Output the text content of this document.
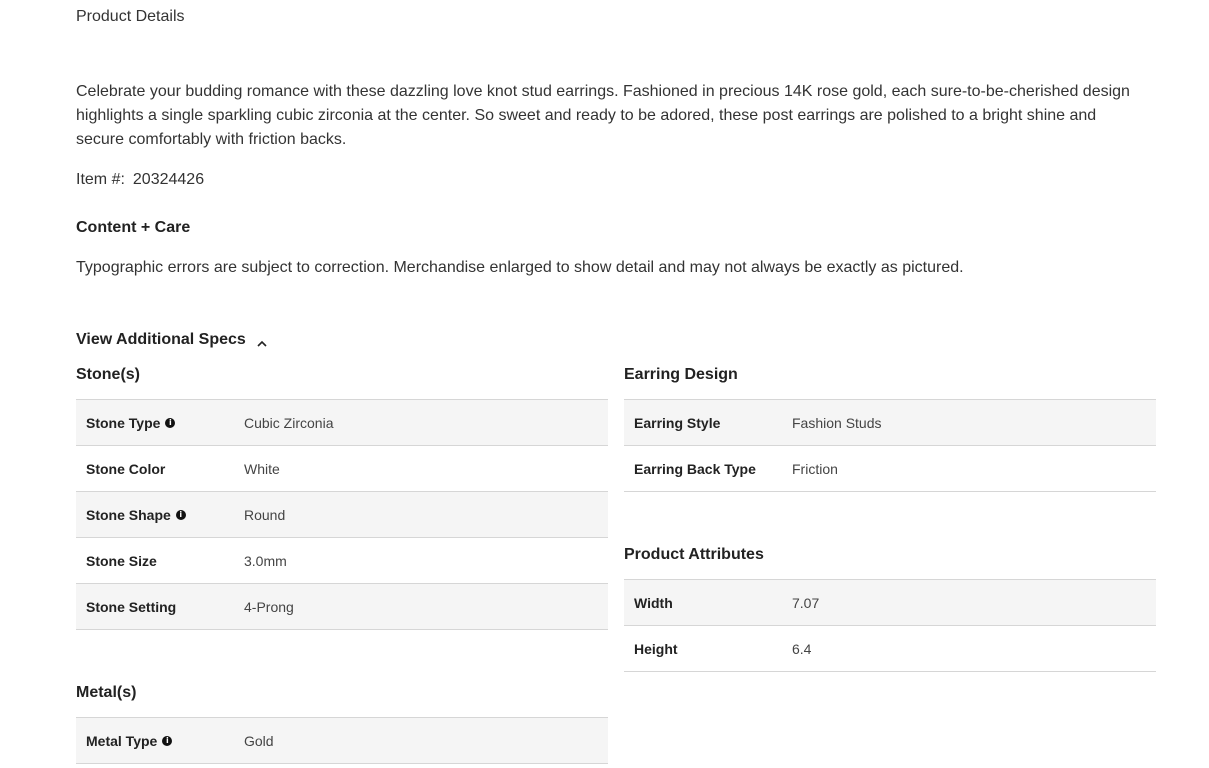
Product Details

Celebrate your budding romance with these dazzling love knot stud earrings. Fashioned in precious 14K rose gold, each sure-to-be-cherished design highlights a single sparkling cubic zirconia at the center. So sweet and ready to be adored, these post earrings are polished to a bright shine and secure comfortably with friction backs.

Item #: 20324426
Content + Care

Typographic errors are subject to correction. Merchandise enlarged to show detail and may not always be exactly as pictured.

View Additional Specs
Stone(s)
Stone Type	i	Cubic Zirconia
Stone Color	White
Stone Shape	i	Round
Stone Size	3.0mm
Stone Setting	4-Prong
Metal(s)
Metal Type	i	Gold
Earring Design
Earring Style	Fashion Studs
Earring Back Type	Friction
Product Attributes
Width	7.07
Height	6.4
